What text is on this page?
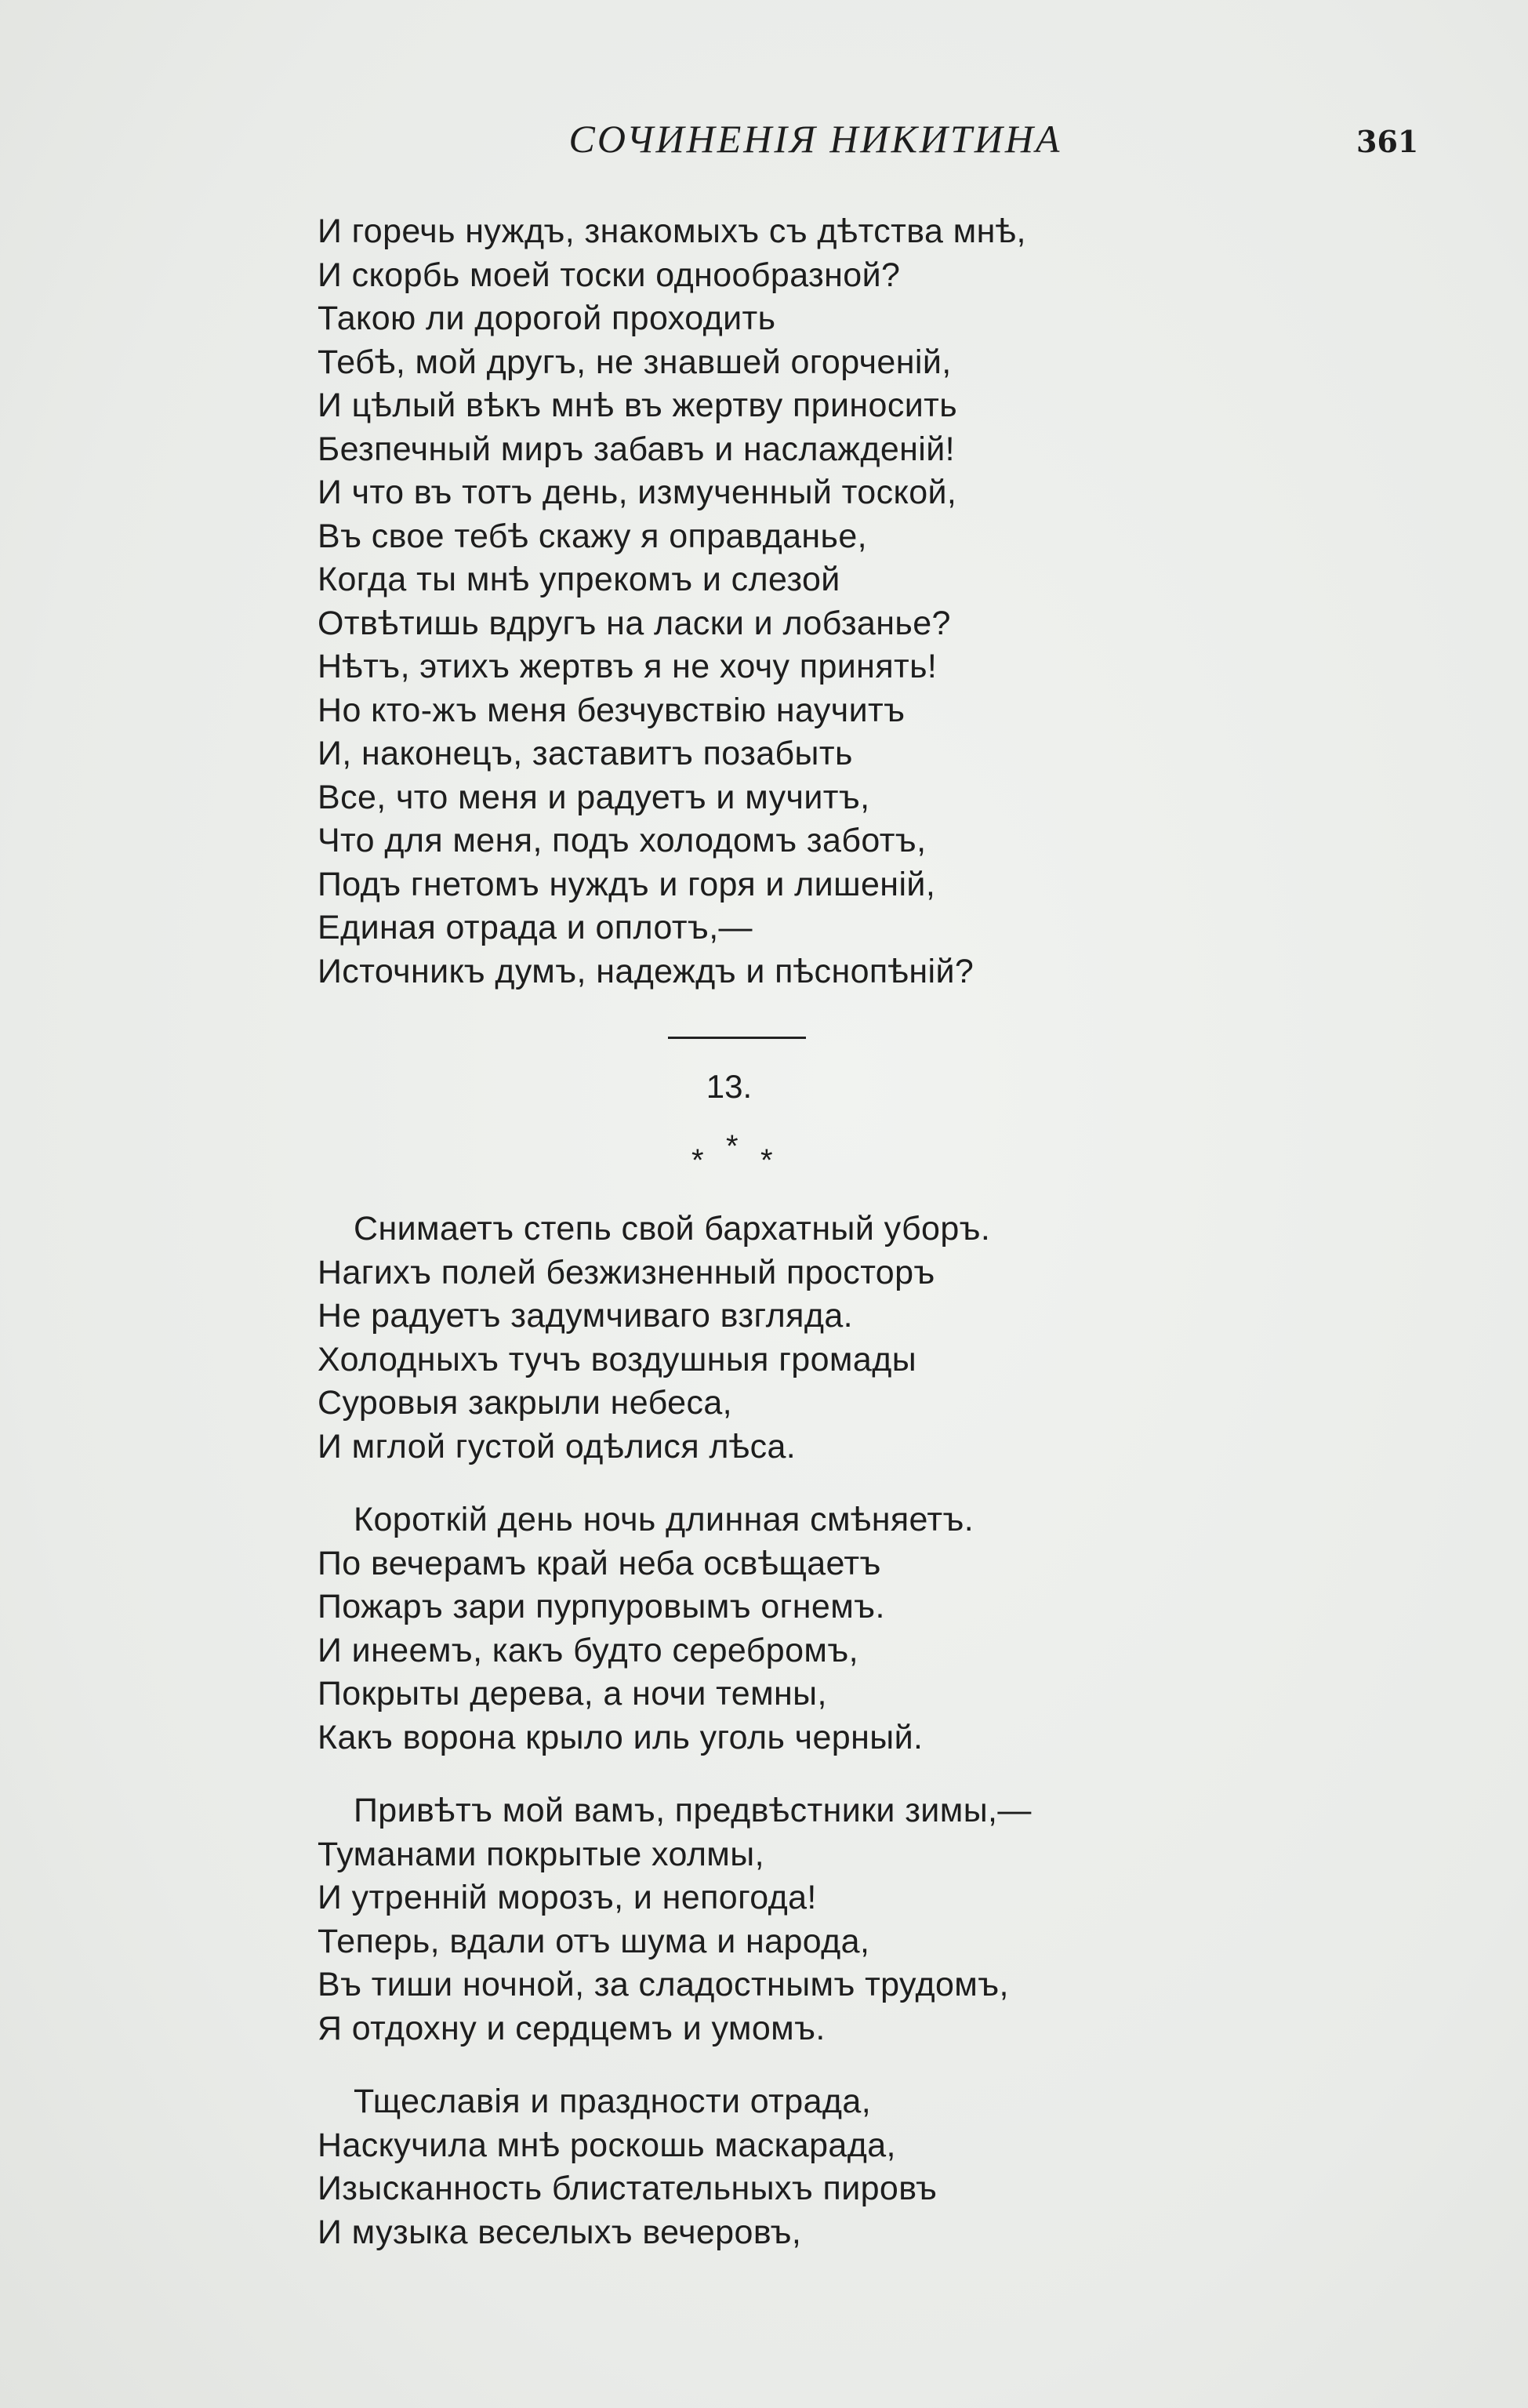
СОЧИНЕНІЯ НИКИТИНА	361
И горечь нуждъ, знакомыхъ съ дѣтства мнѣ,
И скорбь моей тоски однообразной?
Такою ли дорогой проходить
Тебѣ, мой другъ, не знавшей огорченій,
И цѣлый вѣкъ мнѣ въ жертву приносить
Безпечный миръ забавъ и наслажденій!
И что въ тотъ день, измученный тоской,
Въ свое тебѣ скажу я оправданье,
Когда ты мнѣ упрекомъ и слезой
Отвѣтишь вдругъ на ласки и лобзанье?
Нѣтъ, этихъ жертвъ я не хочу принять!
Но кто-жъ меня безчувствію научитъ
И, наконецъ, заставитъ позабыть
Все, что меня и радуетъ и мучитъ,
Что для меня, подъ холодомъ заботъ,
Подъ гнетомъ нуждъ и горя и лишеній,
Единая отрада и оплотъ,—
Источникъ думъ, надеждъ и пѣснопѣній?
13.
* * *
Снимаетъ степь свой бархатный уборъ.
Нагихъ полей безжизненный просторъ
Не радуетъ задумчиваго взгляда.
Холодныхъ тучъ воздушныя громады
Суровыя закрыли небеса,
И мглой густой одѣлися лѣса.
Короткій день ночь длинная смѣняетъ.
По вечерамъ край неба освѣщаетъ
Пожаръ зари пурпуровымъ огнемъ.
И инеемъ, какъ будто серебромъ,
Покрыты дерева, а ночи темны,
Какъ ворона крыло иль уголь черный.
Привѣтъ мой вамъ, предвѣстники зимы,—
Туманами покрытые холмы,
И утренній морозъ, и непогода!
Теперь, вдали отъ шума и народа,
Въ тиши ночной, за сладостнымъ трудомъ,
Я отдохну и сердцемъ и умомъ.
Тщеславія и праздности отрада,
Наскучила мнѣ роскошь маскарада,
Изысканность блистательныхъ пировъ
И музыка веселыхъ вечеровъ,
